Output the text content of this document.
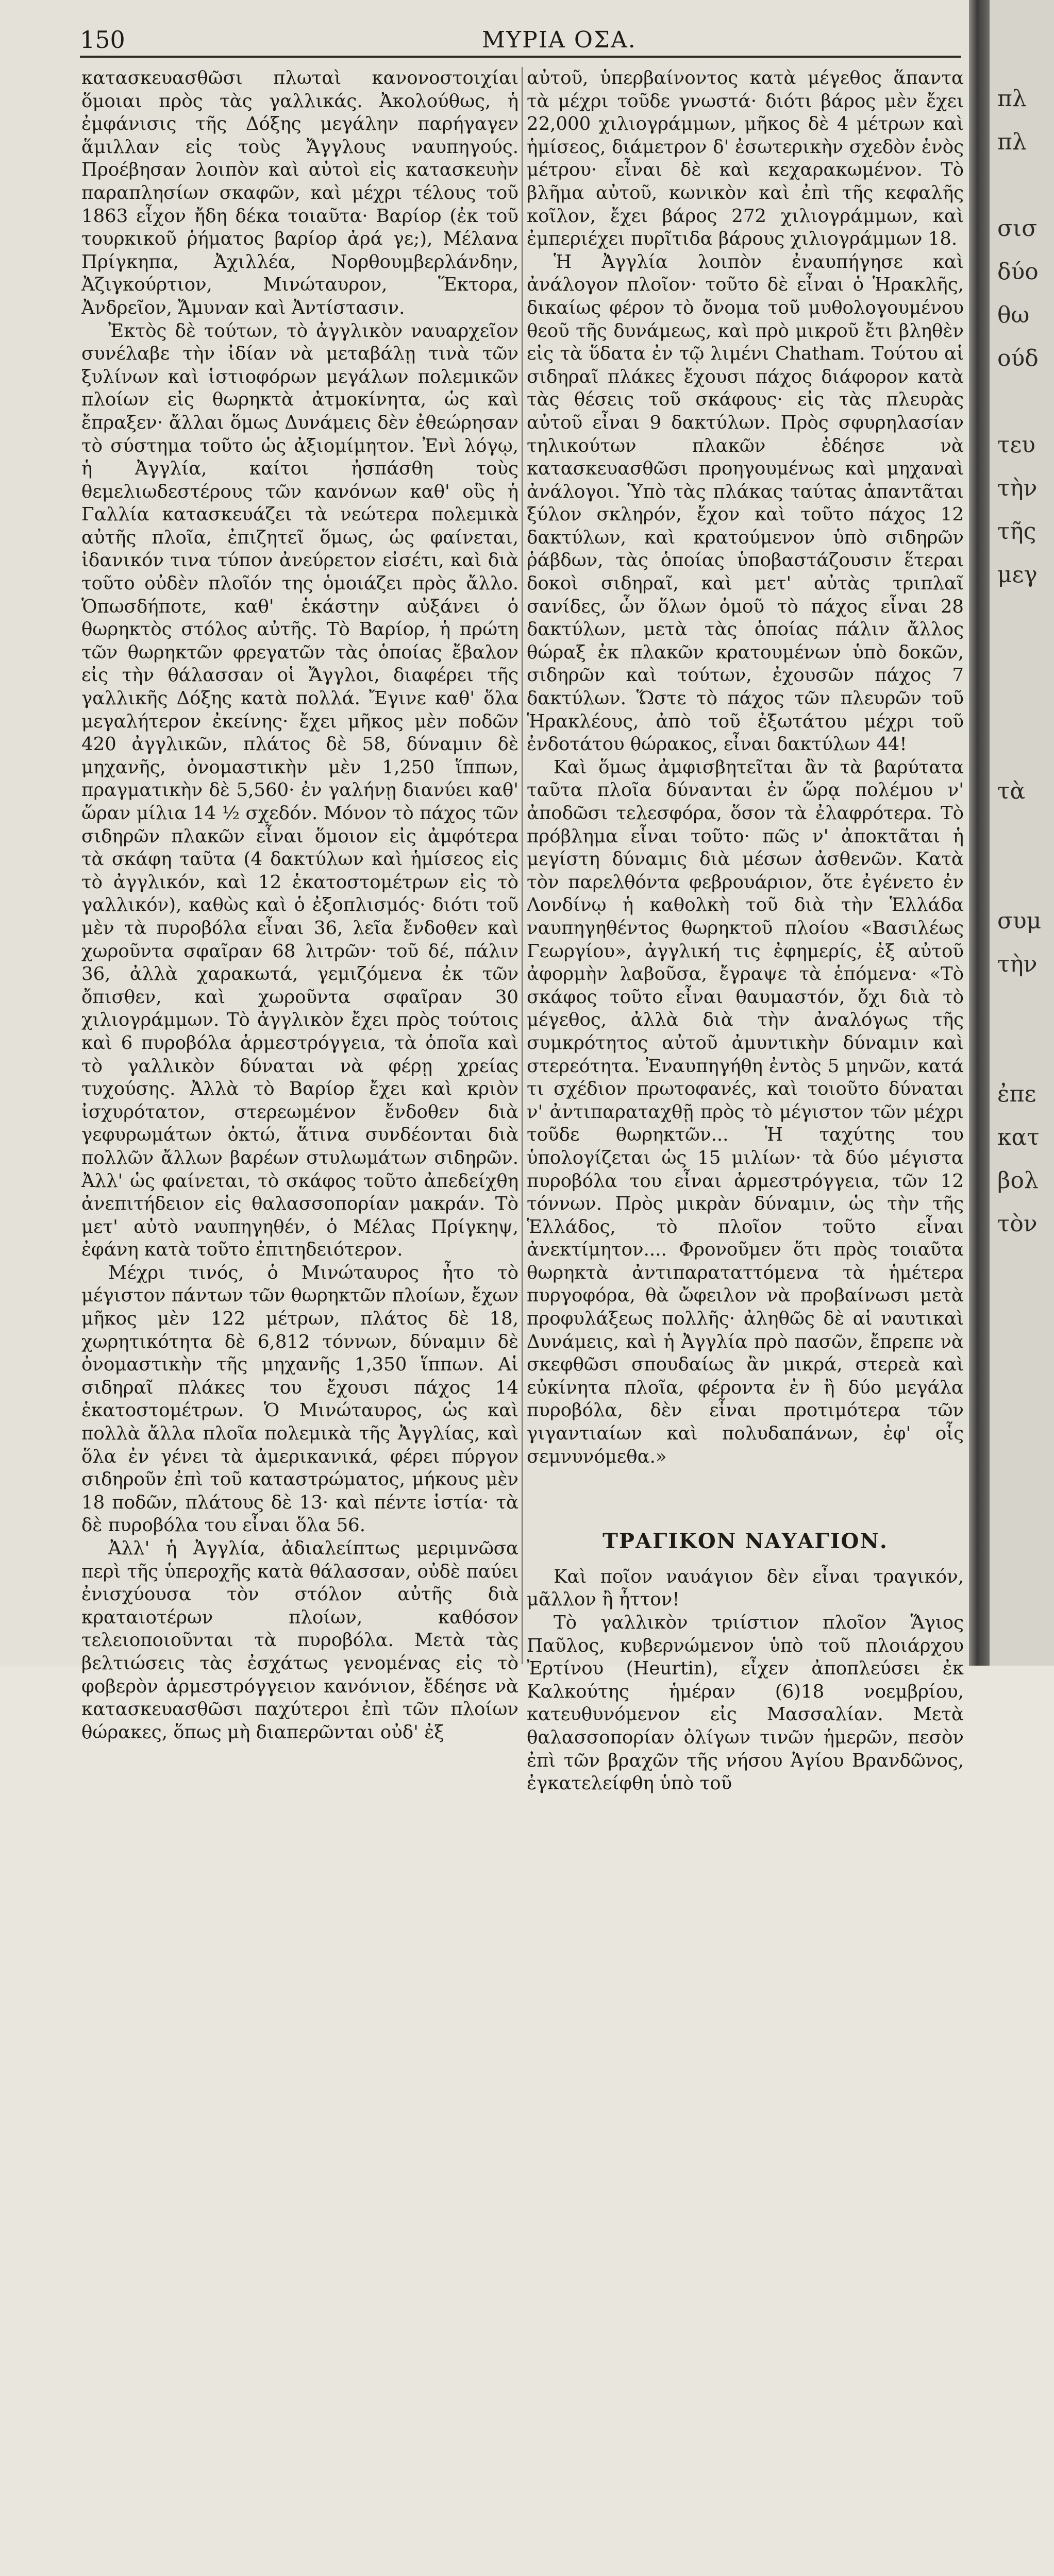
150	ΜΥΡΙΑ ΟΣΑ.

κατασκευασθῶσι πλωταὶ κανονοστοιχίαι ὅμοιαι πρὸς τὰς γαλλικάς. Ἀκολούθως, ἡ ἐμφάνισις τῆς Δόξης μεγάλην παρήγαγεν ἅμιλλαν εἰς τοὺς Ἄγγλους ναυπηγούς. Προέβησαν λοιπὸν καὶ αὐτοὶ εἰς κατασκευὴν παραπλησίων σκαφῶν, καὶ μέχρι τέλους τοῦ 1863 εἶχον ἤδη δέκα τοιαῦτα· Βαρίορ (ἐκ τοῦ τουρκικοῦ ῥήματος βαρίορ ἀρά γε;), Μέλανα Πρίγκηπα, Ἀχιλλέα, Νορθουμβερλάνδην, Ἀζιγκούρτιον, Μινώταυρον, Ἕκτορα, Ἀνδρεῖον, Ἄμυναν καὶ Ἀντίστασιν.

Ἐκτὸς δὲ τούτων, τὸ ἀγγλικὸν ναυαρχεῖον συνέλαβε τὴν ἰδίαν νὰ μεταβάλῃ τινὰ τῶν ξυλίνων καὶ ἱστιοφόρων μεγάλων πολεμικῶν πλοίων εἰς θωρηκτὰ ἀτμοκίνητα, ὡς καὶ ἔπραξεν· ἄλλαι ὅμως Δυνάμεις δὲν ἐθεώρησαν τὸ σύστημα τοῦτο ὡς ἀξιομίμητον. Ἐνὶ λόγῳ, ἡ Ἀγγλία, καίτοι ἠσπάσθη τοὺς θεμελιωδεστέρους τῶν κανόνων καθ' οὓς ἡ Γαλλία κατασκευάζει τὰ νεώτερα πολεμικὰ αὐτῆς πλοῖα, ἐπιζητεῖ ὅμως, ὡς φαίνεται, ἰδανικόν τινα τύπον ἀνεύρετον εἰσέτι, καὶ διὰ τοῦτο οὐδὲν πλοῖόν της ὁμοιάζει πρὸς ἄλλο. Ὁπωσδήποτε, καθ' ἑκάστην αὐξάνει ὁ θωρηκτὸς στόλος αὐτῆς. Τὸ Βαρίορ, ἡ πρώτη τῶν θωρηκτῶν φρεγατῶν τὰς ὁποίας ἔβαλον εἰς τὴν θάλασσαν οἱ Ἄγγλοι, διαφέρει τῆς γαλλικῆς Δόξης κατὰ πολλά. Ἔγινε καθ' ὅλα μεγαλήτερον ἐκείνης· ἔχει μῆκος μὲν ποδῶν 420 ἀγγλικῶν, πλάτος δὲ 58, δύναμιν δὲ μηχανῆς, ὀνομαστικὴν μὲν 1,250 ἵππων, πραγματικὴν δὲ 5,560· ἐν γαλήνῃ διανύει καθ' ὥραν μίλια 14 ½ σχεδόν. Μόνον τὸ πάχος τῶν σιδηρῶν πλακῶν εἶναι ὅμοιον εἰς ἀμφότερα τὰ σκάφη ταῦτα (4 δακτύλων καὶ ἡμίσεος εἰς τὸ ἀγγλικόν, καὶ 12 ἑκατοστομέτρων εἰς τὸ γαλλικόν), καθὼς καὶ ὁ ἐξοπλισμός· διότι τοῦ μὲν τὰ πυροβόλα εἶναι 36, λεῖα ἔνδοθεν καὶ χωροῦντα σφαῖραν 68 λιτρῶν· τοῦ δέ, πάλιν 36, ἀλλὰ χαρακωτά, γεμιζόμενα ἐκ τῶν ὄπισθεν, καὶ χωροῦντα σφαῖραν 30 χιλιογράμμων. Τὸ ἀγγλικὸν ἔχει πρὸς τούτοις καὶ 6 πυροβόλα ἁρμεστρόγγεια, τὰ ὁποῖα καὶ τὸ γαλλικὸν δύναται νὰ φέρῃ χρείας τυχούσης. Ἀλλὰ τὸ Βαρίορ ἔχει καὶ κριὸν ἰσχυρότατον, στερεωμένον ἔνδοθεν διὰ γεφυρωμάτων ὀκτώ, ἅτινα συνδέονται διὰ πολλῶν ἄλλων βαρέων στυλωμάτων σιδηρῶν. Ἀλλ' ὡς φαίνεται, τὸ σκάφος τοῦτο ἀπεδείχθη ἀνεπιτήδειον εἰς θαλασσοπορίαν μακράν. Τὸ μετ' αὐτὸ ναυπηγηθέν, ὁ Μέλας Πρίγκηψ, ἐφάνη κατὰ τοῦτο ἐπιτηδειότερον.

Μέχρι τινός, ὁ Μινώταυρος ἦτο τὸ μέγιστον πάντων τῶν θωρηκτῶν πλοίων, ἔχων μῆκος μὲν 122 μέτρων, πλάτος δὲ 18, χωρητικότητα δὲ 6,812 τόννων, δύναμιν δὲ ὀνομαστικὴν τῆς μηχανῆς 1,350 ἵππων. Αἱ σιδηραῖ πλάκες του ἔχουσι πάχος 14 ἑκατοστομέτρων. Ὁ Μινώταυρος, ὡς καὶ πολλὰ ἄλλα πλοῖα πολεμικὰ τῆς Ἀγγλίας, καὶ ὅλα ἐν γένει τὰ ἀμερικανικά, φέρει πύργον σιδηροῦν ἐπὶ τοῦ καταστρώματος, μήκους μὲν 18 ποδῶν, πλάτους δὲ 13· καὶ πέντε ἱστία· τὰ δὲ πυροβόλα του εἶναι ὅλα 56.

Ἀλλ' ἡ Ἀγγλία, ἀδιαλείπτως μεριμνῶσα περὶ τῆς ὑπεροχῆς κατὰ θάλασσαν, οὐδὲ παύει ἐνισχύουσα τὸν στόλον αὐτῆς διὰ κραταιοτέρων πλοίων, καθόσον τελειοποιοῦνται τὰ πυροβόλα. Μετὰ τὰς βελτιώσεις τὰς ἐσχάτως γενομένας εἰς τὸ φοβερὸν ἁρμεστρόγγειον κανόνιον, ἔδέησε νὰ κατασκευασθῶσι παχύτεροι ἐπὶ τῶν πλοίων θώρακες, ὅπως μὴ διαπερῶνται οὐδ' ἐξ

αὐτοῦ, ὑπερβαίνοντος κατὰ μέγεθος ἅπαντα τὰ μέχρι τοῦδε γνωστά· διότι βάρος μὲν ἔχει 22,000 χιλιογράμμων, μῆκος δὲ 4 μέτρων καὶ ἡμίσεος, διάμετρον δ' ἐσωτερικὴν σχεδὸν ἑνὸς μέτρου· εἶναι δὲ καὶ κεχαρακωμένον. Τὸ βλῆμα αὐτοῦ, κωνικὸν καὶ ἐπὶ τῆς κεφαλῆς κοῖλον, ἔχει βάρος 272 χιλιογράμμων, καὶ ἐμπεριέχει πυρῖτιδα βάρους χιλιογράμμων 18.

Ἡ Ἀγγλία λοιπὸν ἐναυπήγησε καὶ ἀνάλογον πλοῖον· τοῦτο δὲ εἶναι ὁ Ἡρακλῆς, δικαίως φέρον τὸ ὄνομα τοῦ μυθολογουμένου θεοῦ τῆς δυνάμεως, καὶ πρὸ μικροῦ ἔτι βληθὲν εἰς τὰ ὕδατα ἐν τῷ λιμένι Chatham. Τούτου αἱ σιδηραῖ πλάκες ἔχουσι πάχος διάφορον κατὰ τὰς θέσεις τοῦ σκάφους· εἰς τὰς πλευρὰς αὐτοῦ εἶναι 9 δακτύλων. Πρὸς σφυρηλασίαν τηλικούτων πλακῶν ἐδέησε νὰ κατασκευασθῶσι προηγουμένως καὶ μηχαναὶ ἀνάλογοι. Ὑπὸ τὰς πλάκας ταύτας ἁπαντᾶται ξύλον σκληρόν, ἔχον καὶ τοῦτο πάχος 12 δακτύλων, καὶ κρατούμενον ὑπὸ σιδηρῶν ῥάβδων, τὰς ὁποίας ὑποβαστάζουσιν ἕτεραι δοκοὶ σιδηραῖ, καὶ μετ' αὐτὰς τριπλαῖ σανίδες, ὧν ὅλων ὁμοῦ τὸ πάχος εἶναι 28 δακτύλων, μετὰ τὰς ὁποίας πάλιν ἄλλος θώραξ ἐκ πλακῶν κρατουμένων ὑπὸ δοκῶν, σιδηρῶν καὶ τούτων, ἐχουσῶν πάχος 7 δακτύλων. Ὥστε τὸ πάχος τῶν πλευρῶν τοῦ Ἡρακλέους, ἀπὸ τοῦ ἐξωτάτου μέχρι τοῦ ἐνδοτάτου θώρακος, εἶναι δακτύλων 44!

Καὶ ὅμως ἀμφισβητεῖται ἂν τὰ βαρύτατα ταῦτα πλοῖα δύνανται ἐν ὥρᾳ πολέμου ν' ἀποδῶσι τελεσφόρα, ὅσον τὰ ἐλαφρότερα. Τὸ πρόβλημα εἶναι τοῦτο· πῶς ν' ἀποκτᾶται ἡ μεγίστη δύναμις διὰ μέσων ἀσθενῶν. Κατὰ τὸν παρελθόντα φεβρουάριον, ὅτε ἐγένετο ἐν Λονδίνῳ ἡ καθολκὴ τοῦ διὰ τὴν Ἑλλάδα ναυπηγηθέντος θωρηκτοῦ πλοίου «Βασιλέως Γεωργίου», ἀγγλική τις ἐφημερίς, ἐξ αὐτοῦ ἀφορμὴν λαβοῦσα, ἔγραψε τὰ ἑπόμενα· «Τὸ σκάφος τοῦτο εἶναι θαυμαστόν, ὄχι διὰ τὸ μέγεθος, ἀλλὰ διὰ τὴν ἀναλόγως τῆς συμκρότητος αὐτοῦ ἀμυντικὴν δύναμιν καὶ στερεότητα. Ἐναυπηγήθη ἐντὸς 5 μηνῶν, κατά τι σχέδιον πρωτοφανές, καὶ τοιοῦτο δύναται ν' ἀντιπαραταχθῇ πρὸς τὸ μέγιστον τῶν μέχρι τοῦδε θωρηκτῶν... Ἡ ταχύτης του ὑπολογίζεται ὡς 15 μιλίων· τὰ δύο μέγιστα πυροβόλα του εἶναι ἁρμεστρόγγεια, τῶν 12 τόννων. Πρὸς μικρὰν δύναμιν, ὡς τὴν τῆς Ἑλλάδος, τὸ πλοῖον τοῦτο εἶναι ἀνεκτίμητον.... Φρονοῦμεν ὅτι πρὸς τοιαῦτα θωρηκτὰ ἀντιπαραταττόμενα τὰ ἡμέτερα πυργοφόρα, θὰ ὤφειλον νὰ προβαίνωσι μετὰ προφυλάξεως πολλῆς· ἀληθῶς δὲ αἱ ναυτικαὶ Δυνάμεις, καὶ ἡ Ἀγγλία πρὸ πασῶν, ἔπρεπε νὰ σκεφθῶσι σπουδαίως ἂν μικρά, στερεὰ καὶ εὐκίνητα πλοῖα, φέροντα ἐν ἢ δύο μεγάλα πυροβόλα, δὲν εἶναι προτιμότερα τῶν γιγαντιαίων καὶ πολυδαπάνων, ἐφ' οἷς σεμνυνόμεθα.»

ΤΡΑΓΙΚΟΝ ΝΑΥΑΓΙΟΝ.

Καὶ ποῖον ναυάγιον δὲν εἶναι τραγικόν, μᾶλλον ἢ ἧττον!

Τὸ γαλλικὸν τριίστιον πλοῖον Ἅγιος Παῦλος, κυβερνώμενον ὑπὸ τοῦ πλοιάρχου Ἐρτίνου (Heurtin), εἶχεν ἀποπλεύσει ἐκ Καλκούτης ἡμέραν (6)18 νοεμβρίου, κατευθυνόμενον εἰς Μασσαλίαν. Μετὰ θαλασσοπορίαν ὀλίγων τινῶν ἡμερῶν, πεσὸν ἐπὶ τῶν βραχῶν τῆς νήσου Ἁγίου Βρανδῶνος, ἐγκατελείφθη ὑπὸ τοῦ

πλ
πλ
σισ
δύο
θω
ούδ
τευ
τὴν
τῆς
μεγ
τὰ
συμ
τὴν
ἐπε
κατ
βολ
τὸν
